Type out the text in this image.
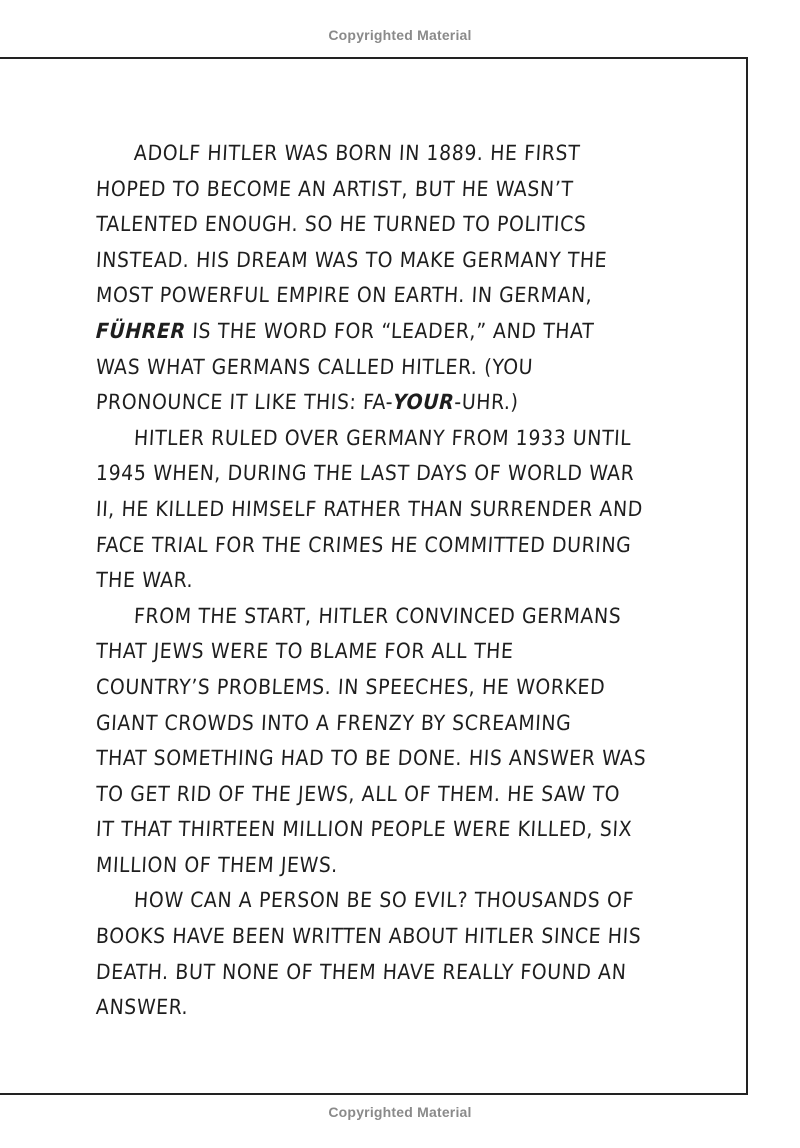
Copyrighted Material
ADOLF HITLER WAS BORN IN 1889. HE FIRST
HOPED TO BECOME AN ARTIST, BUT HE WASN’T
TALENTED ENOUGH. SO HE TURNED TO POLITICS
INSTEAD. HIS DREAM WAS TO MAKE GERMANY THE
MOST POWERFUL EMPIRE ON EARTH. IN GERMAN,
FÜHRER IS THE WORD FOR “LEADER,” AND THAT
WAS WHAT GERMANS CALLED HITLER. (YOU
PRONOUNCE IT LIKE THIS: FA-YOUR-UHR.)
HITLER RULED OVER GERMANY FROM 1933 UNTIL
1945 WHEN, DURING THE LAST DAYS OF WORLD WAR
II, HE KILLED HIMSELF RATHER THAN SURRENDER AND
FACE TRIAL FOR THE CRIMES HE COMMITTED DURING
THE WAR.
FROM THE START, HITLER CONVINCED GERMANS
THAT JEWS WERE TO BLAME FOR ALL THE
COUNTRY’S PROBLEMS. IN SPEECHES, HE WORKED
GIANT CROWDS INTO A FRENZY BY SCREAMING
THAT SOMETHING HAD TO BE DONE. HIS ANSWER WAS
TO GET RID OF THE JEWS, ALL OF THEM. HE SAW TO
IT THAT THIRTEEN MILLION PEOPLE WERE KILLED, SIX
MILLION OF THEM JEWS.
HOW CAN A PERSON BE SO EVIL? THOUSANDS OF
BOOKS HAVE BEEN WRITTEN ABOUT HITLER SINCE HIS
DEATH. BUT NONE OF THEM HAVE REALLY FOUND AN
ANSWER.
Copyrighted Material
